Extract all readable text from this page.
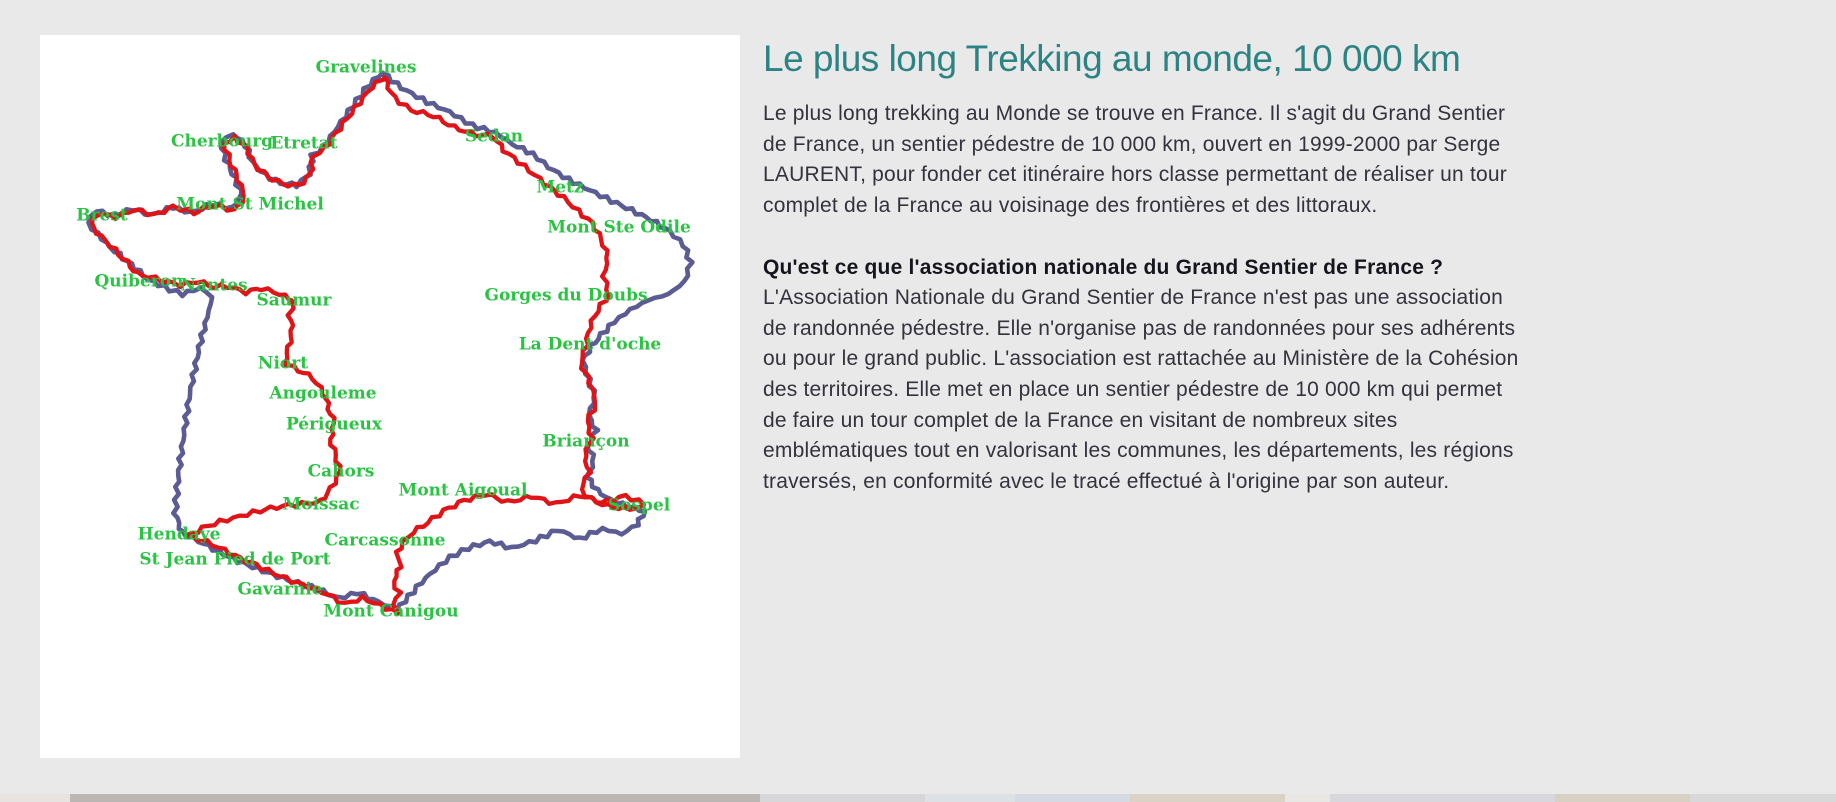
Gravelines
Cherbourg
Etretat	Sedan
Metz
Mont St Michel
Brest
Mont Ste Odile
Quiberon
Nantes	Gorges du Doubs
Saumur
La Dent d'oche
Niort
Angouleme
Périgueux
Briançon
Cahors
Mont Aigoual
Moissac	Sospel
Hendaye	Carcassonne
St Jean Pied de Port
Gavarnie
Mont Canigou
Le plus long Trekking au monde, 10 000 km

Le plus long trekking au Monde se trouve en France. Il s'agit du Grand Sentier de France, un sentier pédestre de 10 000 km, ouvert en 1999-2000 par Serge LAURENT, pour fonder cet itinéraire hors classe permettant de réaliser un tour complet de la France au voisinage des frontières et des littoraux.

Qu'est ce que l'association nationale du Grand Sentier de France ?

L'Association Nationale du Grand Sentier de France n'est pas une association de randonnée pédestre. Elle n'organise pas de randonnées pour ses adhérents ou pour le grand public. L'association est rattachée au Ministère de la Cohésion des territoires. Elle met en place un sentier pédestre de 10 000 km qui permet de faire un tour complet de la France en visitant de nombreux sites emblématiques tout en valorisant les communes, les départements, les régions traversés, en conformité avec le tracé effectué à l'origine par son auteur.
